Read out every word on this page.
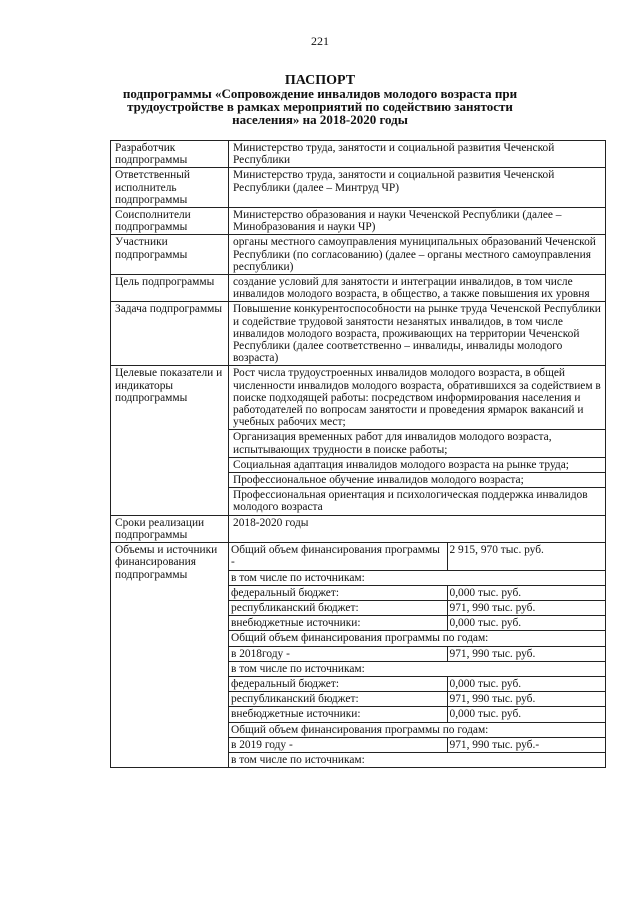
221
ПАСПОРТ
подпрограммы «Сопровождение инвалидов молодого возраста при
трудоустройстве в рамках мероприятий по содействию занятости
населения» на 2018-2020 годы
Разработчик подпрограммы	Министерство труда, занятости и социальной развития Чеченской Республики
Ответственный исполнитель подпрограммы	Министерство труда, занятости и социальной развития Чеченской Республики (далее – Минтруд ЧР)
Соисполнители подпрограммы	Министерство образования и науки Чеченской Республики (далее – Минобразования и науки ЧР)
Участники подпрограммы	органы местного самоуправления муниципальных образований Чеченской Республики (по согласованию) (далее – органы местного самоуправления республики)
Цель подпрограммы	создание условий для занятости и интеграции инвалидов, в том числе инвалидов молодого возраста, в общество, а также повышения их уровня
Задача подпрограммы	Повышение конкурентоспособности на рынке труда Чеченской Республики и содействие трудовой занятости незанятых инвалидов, в том числе инвалидов молодого возраста, проживающих на территории Чеченской Республики (далее соответственно – инвалиды, инвалиды молодого возраста)
Целевые показатели и индикаторы подпрограммы	
Рост числа трудоустроенных инвалидов молодого возраста, в общей численности инвалидов молодого возраста, обратившихся за содействием в поиске подходящей работы: посредством информирования населения и работодателей по вопросам занятости и проведения ярмарок вакансий и учебных рабочих мест;
Организация временных работ для инвалидов молодого возраста, испытывающих трудности в поиске работы;
Социальная адаптация инвалидов молодого возраста на рынке труда;
Профессиональное обучение инвалидов молодого возраста;
Профессиональная ориентация и психологическая поддержка инвалидов молодого возраста

Сроки реализации подпрограммы	2018-2020 годы
Объемы и источники финансирования подпрограммы	
Общий объем финансирования программы -	2 915, 970 тыс. руб.
в том числе по источникам:
федеральный бюджет:	0,000 тыс. руб.
республиканский бюджет:	971, 990 тыс. руб.
внебюджетные источники:	0,000 тыс. руб.
Общий объем финансирования программы по годам:
в 2018году -	971, 990 тыс. руб.
в том числе по источникам:
федеральный бюджет:	0,000 тыс. руб.
республиканский бюджет:	971, 990 тыс. руб.
внебюджетные источники:	0,000 тыс. руб.
Общий объем финансирования программы по годам:
в 2019 году -	971, 990 тыс. руб.-
в том числе по источникам:
